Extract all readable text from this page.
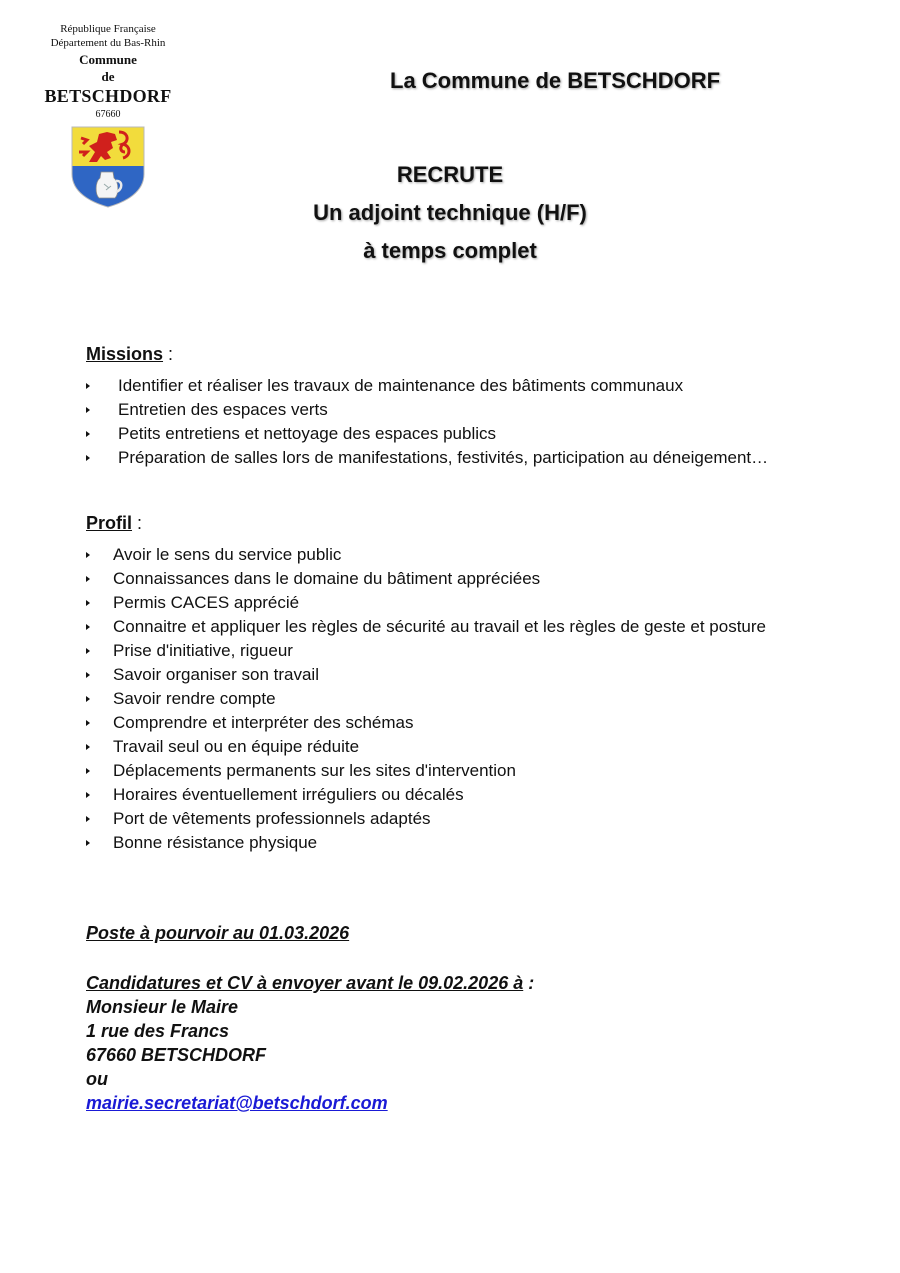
République Française
Département du Bas-Rhin
Commune
de
BETSCHDORF
67660
La Commune de BETSCHDORF
RECRUTE
Un adjoint technique (H/F)
à temps complet
Missions :
Identifier et réaliser les travaux de maintenance des bâtiments communaux
Entretien des espaces verts
Petits entretiens et nettoyage des espaces publics
Préparation de salles lors de manifestations, festivités, participation au déneigement…
Profil :
Avoir le sens du service public
Connaissances dans le domaine du bâtiment appréciées
Permis CACES apprécié
Connaitre et appliquer les règles de sécurité au travail et les règles de geste et posture
Prise d'initiative, rigueur
Savoir organiser son travail
Savoir rendre compte
Comprendre et interpréter des schémas
Travail seul ou en équipe réduite
Déplacements permanents sur les sites d'intervention
Horaires éventuellement irréguliers ou décalés
Port de vêtements professionnels adaptés
Bonne résistance physique
Poste à pourvoir au 01.03.2026
Candidatures et CV à envoyer avant le 09.02.2026 à :
Monsieur le Maire
1 rue des Francs
67660 BETSCHDORF
ou
mairie.secretariat@betschdorf.com
